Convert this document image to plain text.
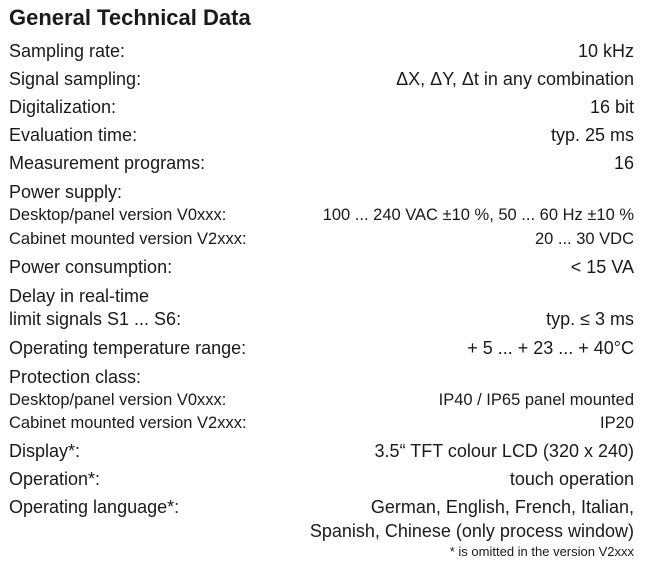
General Technical Data
Sampling rate:	10 kHz
Signal sampling:	ΔX, ΔY, Δt in any combination
Digitalization:	16 bit
Evaluation time:	typ. 25 ms
Measurement programs:	16
Power supply:
Desktop/panel version V0xxx:	100 ... 240 VAC ±10 %, 50 ... 60 Hz ±10 %
Cabinet mounted version V2xxx:	20 ... 30 VDC
Power consumption:	< 15 VA
Delay in real-time
limit signals S1 ... S6:	typ. ≤ 3 ms
Operating temperature range:	+ 5 ... + 23 ... + 40°C
Protection class:
Desktop/panel version V0xxx:	IP40 / IP65 panel mounted
Cabinet mounted version V2xxx:	IP20
Display*:	3.5“ TFT colour LCD (320 x 240)
Operation*:	touch operation
Operating language*:	German, English, French, Italian,
Spanish, Chinese (only process window)
* is omitted in the version V2xxx
